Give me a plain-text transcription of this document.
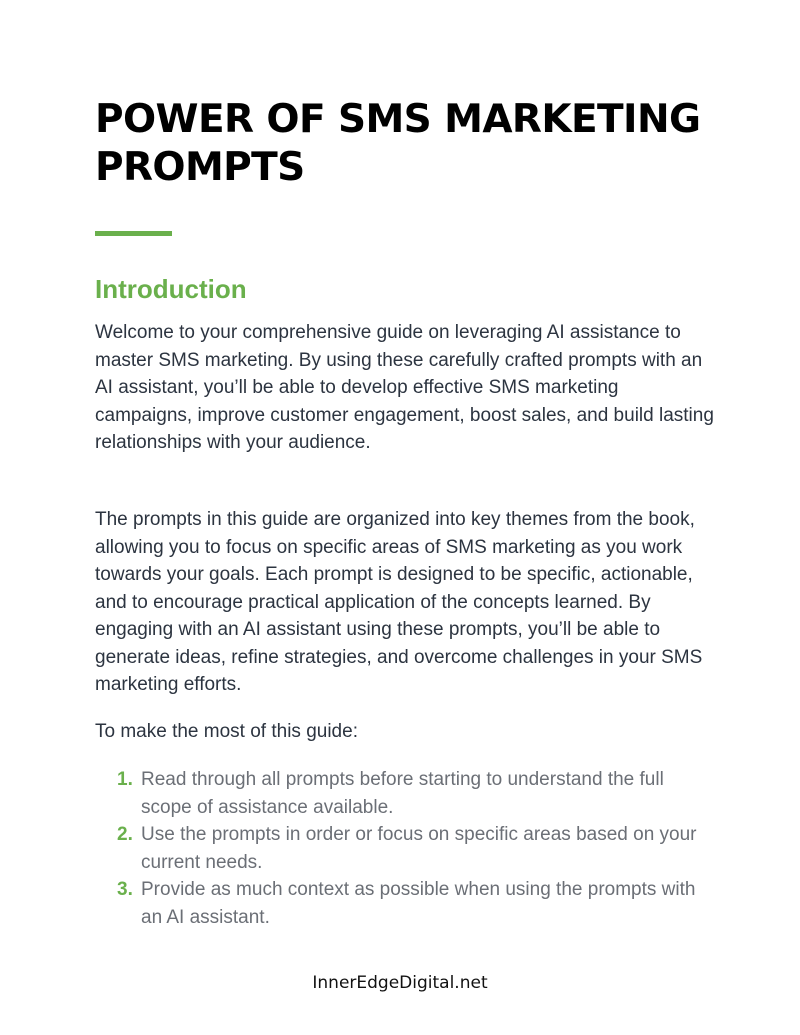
POWER OF SMS MARKETING PROMPTS
Introduction

Welcome to your comprehensive guide on leveraging AI assistance to master SMS marketing. By using these carefully crafted prompts with an AI assistant, you’ll be able to develop effective SMS marketing campaigns, improve customer engagement, boost sales, and build lasting relationships with your audience.

The prompts in this guide are organized into key themes from the book, allowing you to focus on specific areas of SMS marketing as you work towards your goals. Each prompt is designed to be specific, actionable, and to encourage practical application of the concepts learned. By engaging with an AI assistant using these prompts, you’ll be able to generate ideas, refine strategies, and overcome challenges in your SMS marketing efforts.

To make the most of this guide:

1. Read through all prompts before starting to understand the full scope of assistance available.
2. Use the prompts in order or focus on specific areas based on your current needs.
3. Provide as much context as possible when using the prompts with an AI assistant.
InnerEdgeDigital.net
